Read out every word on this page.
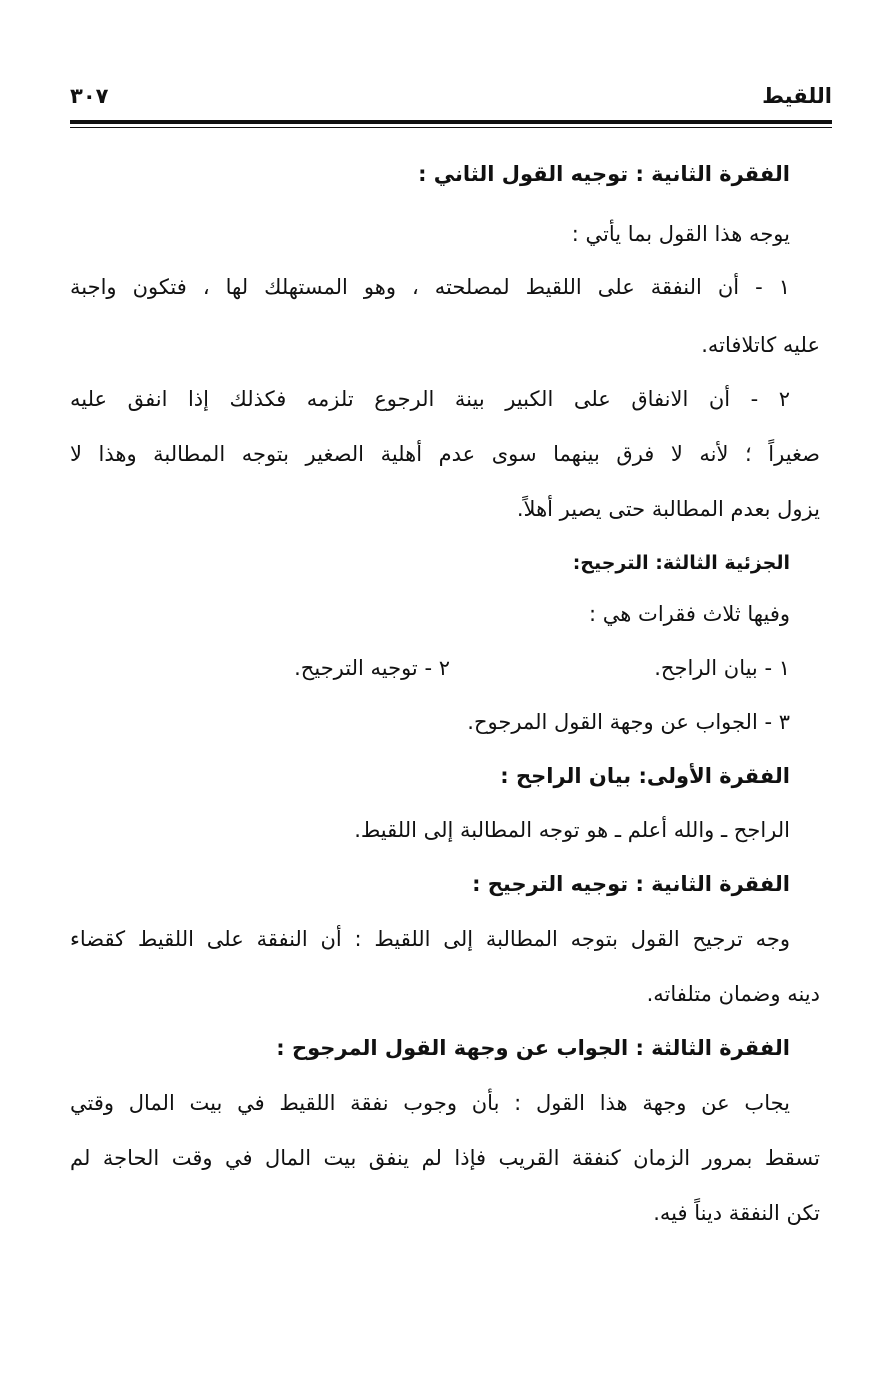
اللقيط
٣٠٧
الفقرة الثانية : توجيه القول الثاني :
يوجه هذا القول بما يأتي :
١ - أن النفقة على اللقيط لمصلحته ، وهو المستهلك لها ، فتكون واجبة
عليه كاتلافاته.
٢ - أن الانفاق على الكبير بينة الرجوع تلزمه فكذلك إذا انفق عليه
صغيراً ؛ لأنه لا فرق بينهما سوى عدم أهلية الصغير بتوجه المطالبة وهذا لا
يزول بعدم المطالبة حتى يصير أهلاً.
الجزئية الثالثة: الترجيح:
وفيها ثلاث فقرات هي :
١ - بيان الراجح.
٢ - توجيه الترجيح.
٣ - الجواب عن وجهة القول المرجوح.
الفقرة الأولى: بيان الراجح :
الراجح ـ والله أعلم ـ هو توجه المطالبة إلى اللقيط.
الفقرة الثانية : توجيه الترجيح :
وجه ترجيح القول بتوجه المطالبة إلى اللقيط : أن النفقة على اللقيط كقضاء
دينه وضمان متلفاته.
الفقرة الثالثة : الجواب عن وجهة القول المرجوح :
يجاب عن وجهة هذا القول : بأن وجوب نفقة اللقيط في بيت المال وقتي
تسقط بمرور الزمان كنفقة القريب فإذا لم ينفق بيت المال في وقت الحاجة لم
تكن النفقة ديناً فيه.
